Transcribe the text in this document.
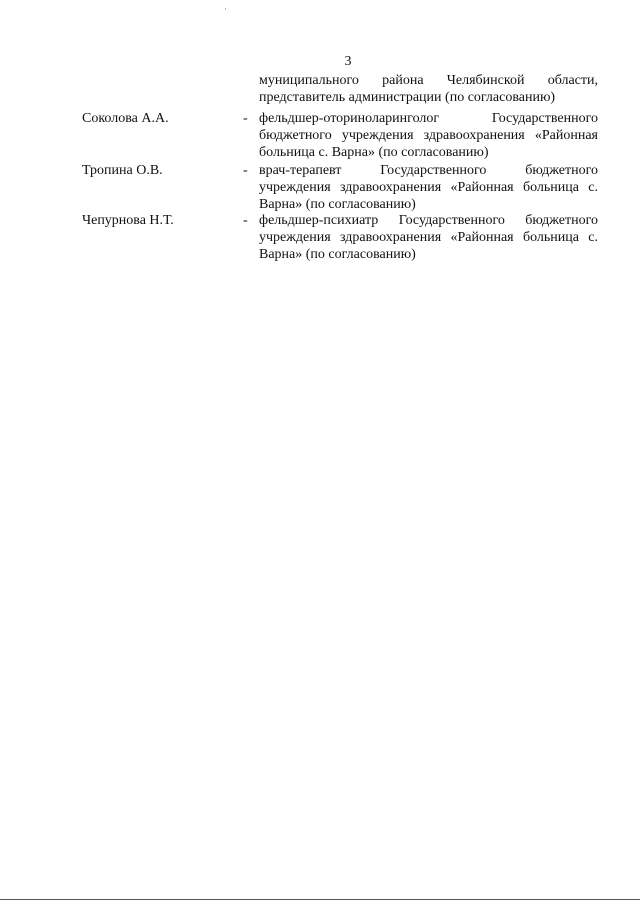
3
муниципального района Челябинской области, представитель администрации (по согласованию)
Соколова А.А.	- фельдшер-оториноларинголог Государственного бюджетного учреждения здравоохранения «Районная больница с. Варна» (по согласованию)
Тропина О.В.	- врач-терапевт Государственного бюджетного учреждения здравоохранения «Районная больница с. Варна» (по согласованию)
Чепурнова Н.Т.	- фельдшер-психиатр Государственного бюджетного учреждения здравоохранения «Районная больница с. Варна» (по согласованию)
